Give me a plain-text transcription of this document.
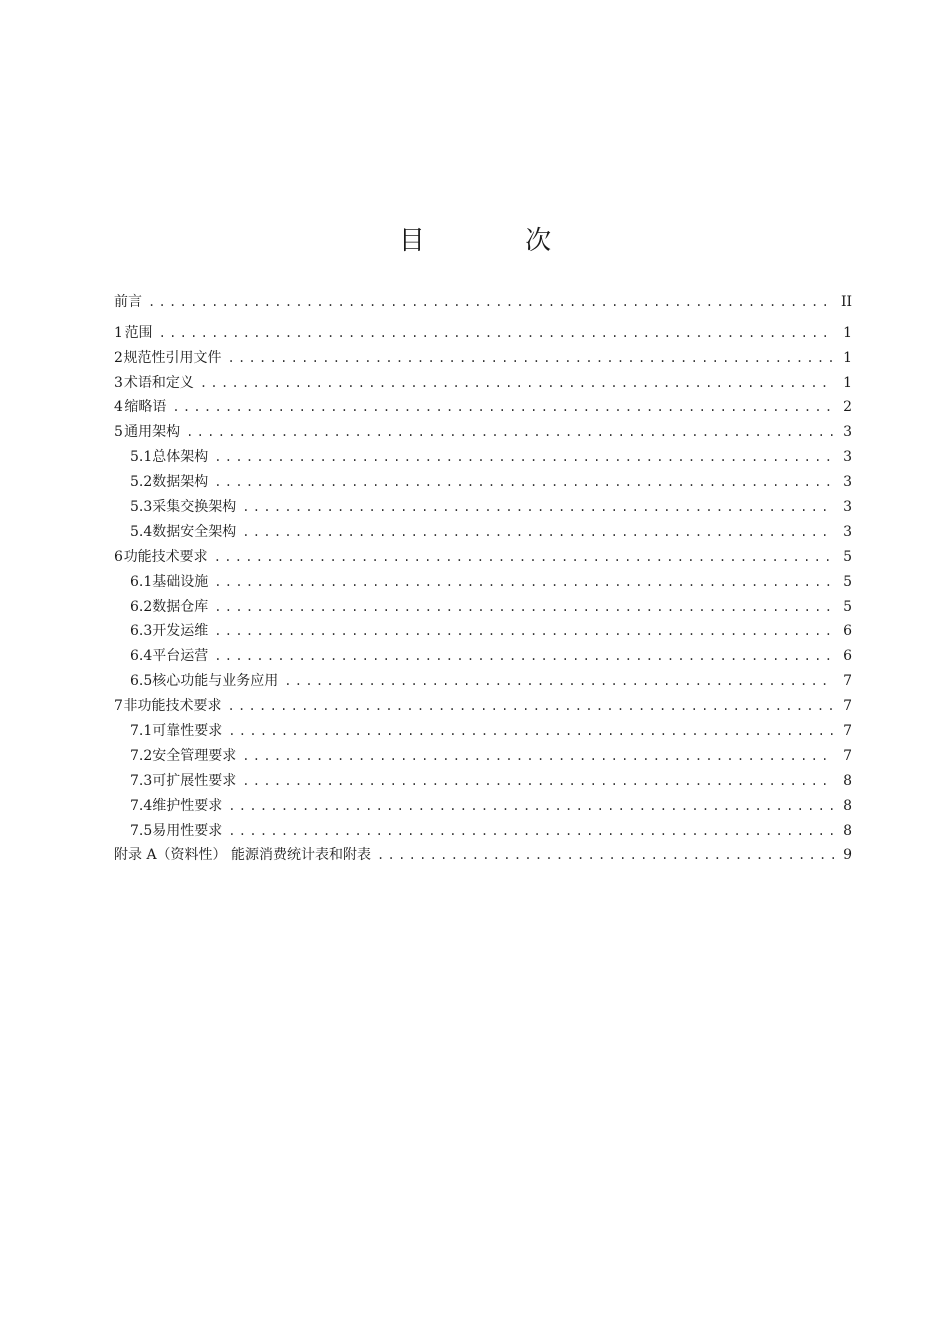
目 次
前言 .....	II
1 范围 .....	1
2 规范性引用文件 .....	1
3 术语和定义 .....	1
4 缩略语 .....	2
5 通用架构 .....	3
5.1 总体架构 .....	3
5.2 数据架构 .....	3
5.3 采集交换架构 .....	3
5.4 数据安全架构 .....	3
6 功能技术要求 .....	5
6.1 基础设施 .....	5
6.2 数据仓库 .....	5
6.3 开发运维 .....	6
6.4 平台运营 .....	6
6.5 核心功能与业务应用 .....	7
7 非功能技术要求 .....	7
7.1 可靠性要求 .....	7
7.2 安全管理要求 .....	7
7.3 可扩展性要求 .....	8
7.4 维护性要求 .....	8
7.5 易用性要求 .....	8
附录 A（资料性） 能源消费统计表和附表 .....	9
